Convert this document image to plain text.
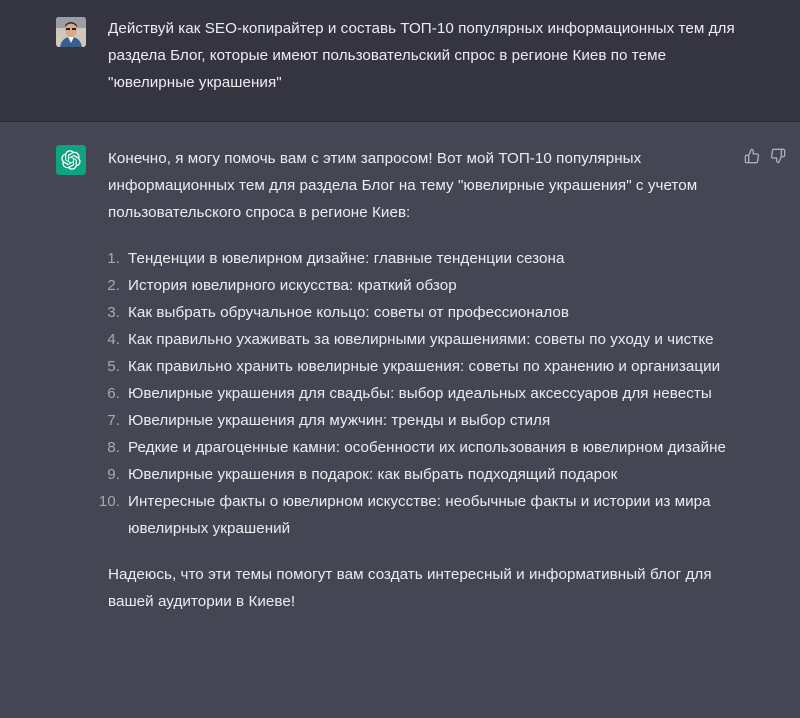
Действуй как SEO-копирайтер и составь ТОП-10 популярных информационных тем для раздела Блог, которые имеют пользовательский спрос в регионе Киев по теме "ювелирные украшения"

Конечно, я могу помочь вам с этим запросом! Вот мой ТОП-10 популярных информационных тем для раздела Блог на тему "ювелирные украшения" с учетом пользовательского спроса в регионе Киев:

1. Тенденции в ювелирном дизайне: главные тенденции сезона
2. История ювелирного искусства: краткий обзор
3. Как выбрать обручальное кольцо: советы от профессионалов
4. Как правильно ухаживать за ювелирными украшениями: советы по уходу и чистке
5. Как правильно хранить ювелирные украшения: советы по хранению и организации
6. Ювелирные украшения для свадьбы: выбор идеальных аксессуаров для невесты
7. Ювелирные украшения для мужчин: тренды и выбор стиля
8. Редкие и драгоценные камни: особенности их использования в ювелирном дизайне
9. Ювелирные украшения в подарок: как выбрать подходящий подарок
10. Интересные факты о ювелирном искусстве: необычные факты и истории из мира ювелирных украшений

Надеюсь, что эти темы помогут вам создать интересный и информативный блог для вашей аудитории в Киеве!
